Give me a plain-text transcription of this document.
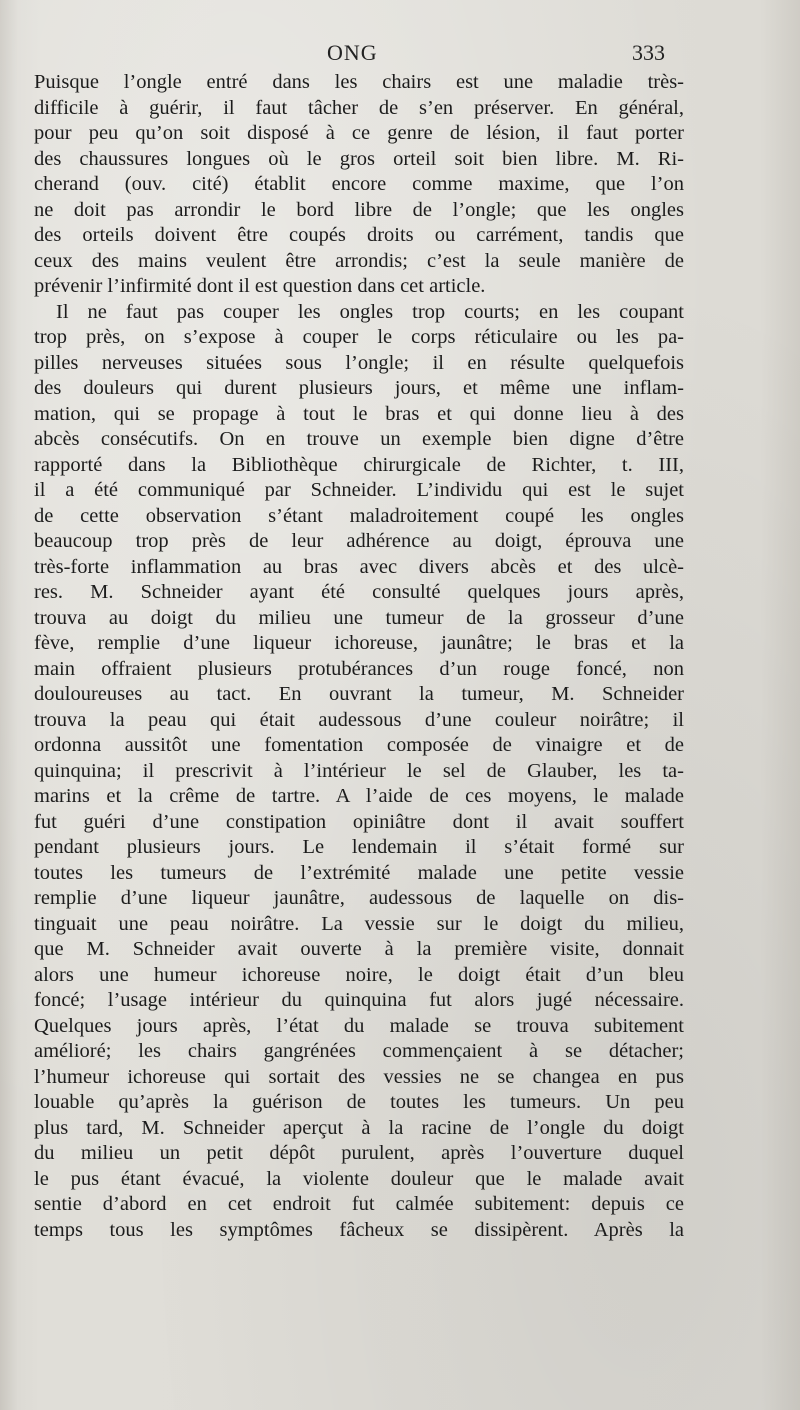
ONG	333
Puisque l’ongle entré dans les chairs est une maladie très-
difficile à guérir, il faut tâcher de s’en préserver. En général,
pour peu qu’on soit disposé à ce genre de lésion, il faut porter
des chaussures longues où le gros orteil soit bien libre. M. Ri-
cherand (ouv. cité) établit encore comme maxime, que l’on
ne doit pas arrondir le bord libre de l’ongle; que les ongles
des orteils doivent être coupés droits ou carrément, tandis que
ceux des mains veulent être arrondis; c’est la seule manière de
prévenir l’infirmité dont il est question dans cet article.
Il ne faut pas couper les ongles trop courts; en les coupant
trop près, on s’expose à couper le corps réticulaire ou les pa-
pilles nerveuses situées sous l’ongle; il en résulte quelquefois
des douleurs qui durent plusieurs jours, et même une inflam-
mation, qui se propage à tout le bras et qui donne lieu à des
abcès consécutifs. On en trouve un exemple bien digne d’être
rapporté dans la Bibliothèque chirurgicale de Richter, t. III,
il a été communiqué par Schneider. L’individu qui est le sujet
de cette observation s’étant maladroitement coupé les ongles
beaucoup trop près de leur adhérence au doigt, éprouva une
très-forte inflammation au bras avec divers abcès et des ulcè-
res. M. Schneider ayant été consulté quelques jours après,
trouva au doigt du milieu une tumeur de la grosseur d’une
fève, remplie d’une liqueur ichoreuse, jaunâtre; le bras et la
main offraient plusieurs protubérances d’un rouge foncé, non
douloureuses au tact. En ouvrant la tumeur, M. Schneider
trouva la peau qui était audessous d’une couleur noirâtre; il
ordonna aussitôt une fomentation composée de vinaigre et de
quinquina; il prescrivit à l’intérieur le sel de Glauber, les ta-
marins et la crême de tartre. A l’aide de ces moyens, le malade
fut guéri d’une constipation opiniâtre dont il avait souffert
pendant plusieurs jours. Le lendemain il s’était formé sur
toutes les tumeurs de l’extrémité malade une petite vessie
remplie d’une liqueur jaunâtre, audessous de laquelle on dis-
tinguait une peau noirâtre. La vessie sur le doigt du milieu,
que M. Schneider avait ouverte à la première visite, donnait
alors une humeur ichoreuse noire, le doigt était d’un bleu
foncé; l’usage intérieur du quinquina fut alors jugé nécessaire.
Quelques jours après, l’état du malade se trouva subitement
amélioré; les chairs gangrénées commençaient à se détacher;
l’humeur ichoreuse qui sortait des vessies ne se changea en pus
louable qu’après la guérison de toutes les tumeurs. Un peu
plus tard, M. Schneider aperçut à la racine de l’ongle du doigt
du milieu un petit dépôt purulent, après l’ouverture duquel
le pus étant évacué, la violente douleur que le malade avait
sentie d’abord en cet endroit fut calmée subitement: depuis ce
temps tous les symptômes fâcheux se dissipèrent. Après la
